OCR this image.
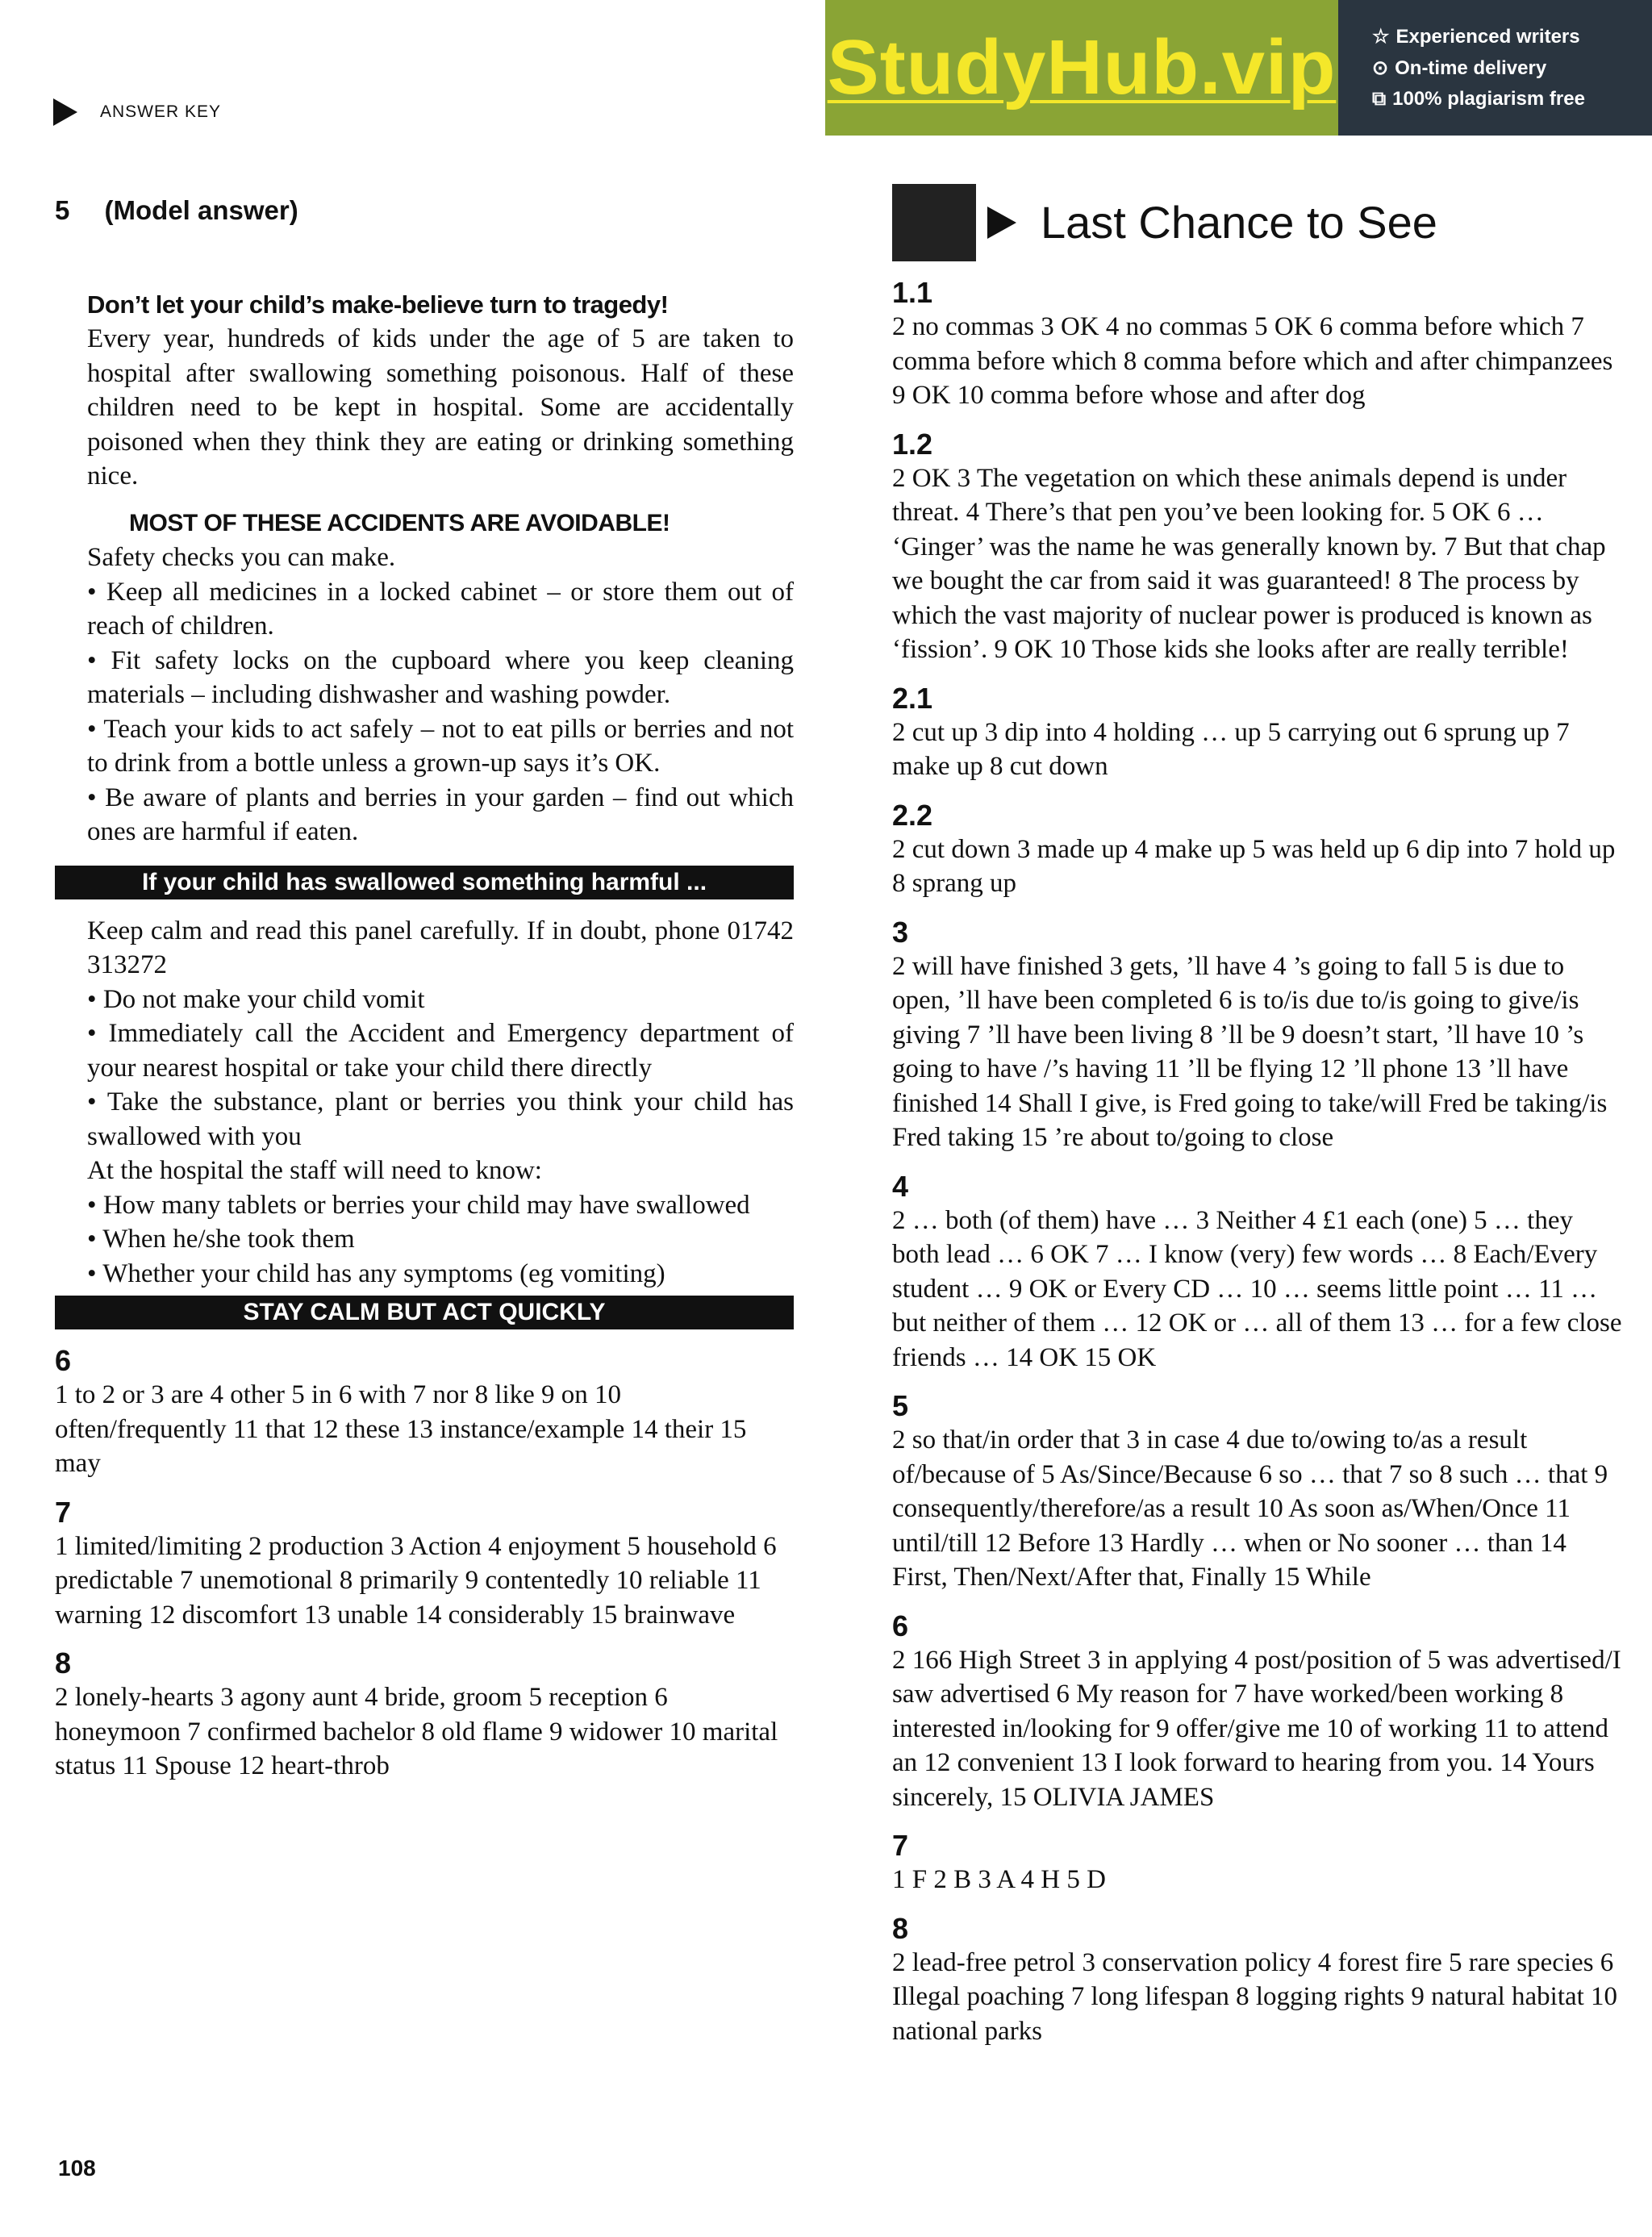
ANSWER KEY
StudyHub.vip ☆ Experienced writers
⊙ On-time delivery
⧉ 100% plagiarism free
5 (Model answer)

Don’t let your child’s make-believe turn to tragedy!

Every year, hundreds of kids under the age of 5 are taken to hospital after swallowing something poisonous. Half of these children need to be kept in hospital. Some are accidentally poisoned when they think they are eating or drinking something nice.

MOST OF THESE ACCIDENTS ARE AVOIDABLE!

Safety checks you can make.

• Keep all medicines in a locked cabinet – or store them out of reach of children.

• Fit safety locks on the cupboard where you keep cleaning materials – including dishwasher and washing powder.

• Teach your kids to act safely – not to eat pills or berries and not to drink from a bottle unless a grown-up says it’s OK.

• Be aware of plants and berries in your garden – find out which ones are harmful if eaten.

If your child has swallowed something harmful ...

Keep calm and read this panel carefully. If in doubt, phone 01742 313272

• Do not make your child vomit

• Immediately call the Accident and Emergency department of your nearest hospital or take your child there directly

• Take the substance, plant or berries you think your child has swallowed with you

At the hospital the staff will need to know:

• How many tablets or berries your child may have swallowed

• When he/she took them

• Whether your child has any symptoms (eg vomiting)

STAY CALM BUT ACT QUICKLY
6

1 to 2 or 3 are 4 other 5 in 6 with 7 nor 8 like 9 on 10 often/frequently 11 that 12 these 13 instance/example 14 their 15 may

7

1 limited/limiting 2 production 3 Action 4 enjoyment 5 household 6 predictable 7 unemotional 8 primarily 9 contentedly 10 reliable 11 warning 12 discomfort 13 unable 14 considerably 15 brainwave

8

2 lonely-hearts 3 agony aunt 4 bride, groom 5 reception 6 honeymoon 7 confirmed bachelor 8 old flame 9 widower 10 marital status 11 Spouse 12 heart-throb

Last Chance to See
1.1

2 no commas 3 OK 4 no commas 5 OK 6 comma before which 7 comma before which 8 comma before which and after chimpanzees 9 OK 10 comma before whose and after dog

1.2

2 OK 3 The vegetation on which these animals depend is under threat. 4 There’s that pen you’ve been looking for. 5 OK 6 … ‘Ginger’ was the name he was generally known by. 7 But that chap we bought the car from said it was guaranteed! 8 The process by which the vast majority of nuclear power is produced is known as ‘fission’. 9 OK 10 Those kids she looks after are really terrible!

2.1

2 cut up 3 dip into 4 holding … up 5 carrying out 6 sprung up 7 make up 8 cut down

2.2

2 cut down 3 made up 4 make up 5 was held up 6 dip into 7 hold up 8 sprang up

3

2 will have finished 3 gets, ’ll have 4 ’s going to fall 5 is due to open, ’ll have been completed 6 is to/is due to/is going to give/is giving 7 ’ll have been living 8 ’ll be 9 doesn’t start, ’ll have 10 ’s going to have /’s having 11 ’ll be flying 12 ’ll phone 13 ’ll have finished 14 Shall I give, is Fred going to take/will Fred be taking/is Fred taking 15 ’re about to/going to close

4

2 … both (of them) have … 3 Neither 4 £1 each (one) 5 … they both lead … 6 OK 7 … I know (very) few words … 8 Each/Every student … 9 OK or Every CD … 10 … seems little point … 11 … but neither of them … 12 OK or … all of them 13 … for a few close friends … 14 OK 15 OK

5

2 so that/in order that 3 in case 4 due to/owing to/as a result of/because of 5 As/Since/Because 6 so … that 7 so 8 such … that 9 consequently/therefore/as a result 10 As soon as/When/Once 11 until/till 12 Before 13 Hardly … when or No sooner … than 14 First, Then/Next/After that, Finally 15 While

6

2 166 High Street 3 in applying 4 post/position of 5 was advertised/I saw advertised 6 My reason for 7 have worked/been working 8 interested in/looking for 9 offer/give me 10 of working 11 to attend an 12 convenient 13 I look forward to hearing from you. 14 Yours sincerely, 15 OLIVIA JAMES

7

1 F 2 B 3 A 4 H 5 D

8

2 lead-free petrol 3 conservation policy 4 forest fire 5 rare species 6 Illegal poaching 7 long lifespan 8 logging rights 9 natural habitat 10 national parks

108
